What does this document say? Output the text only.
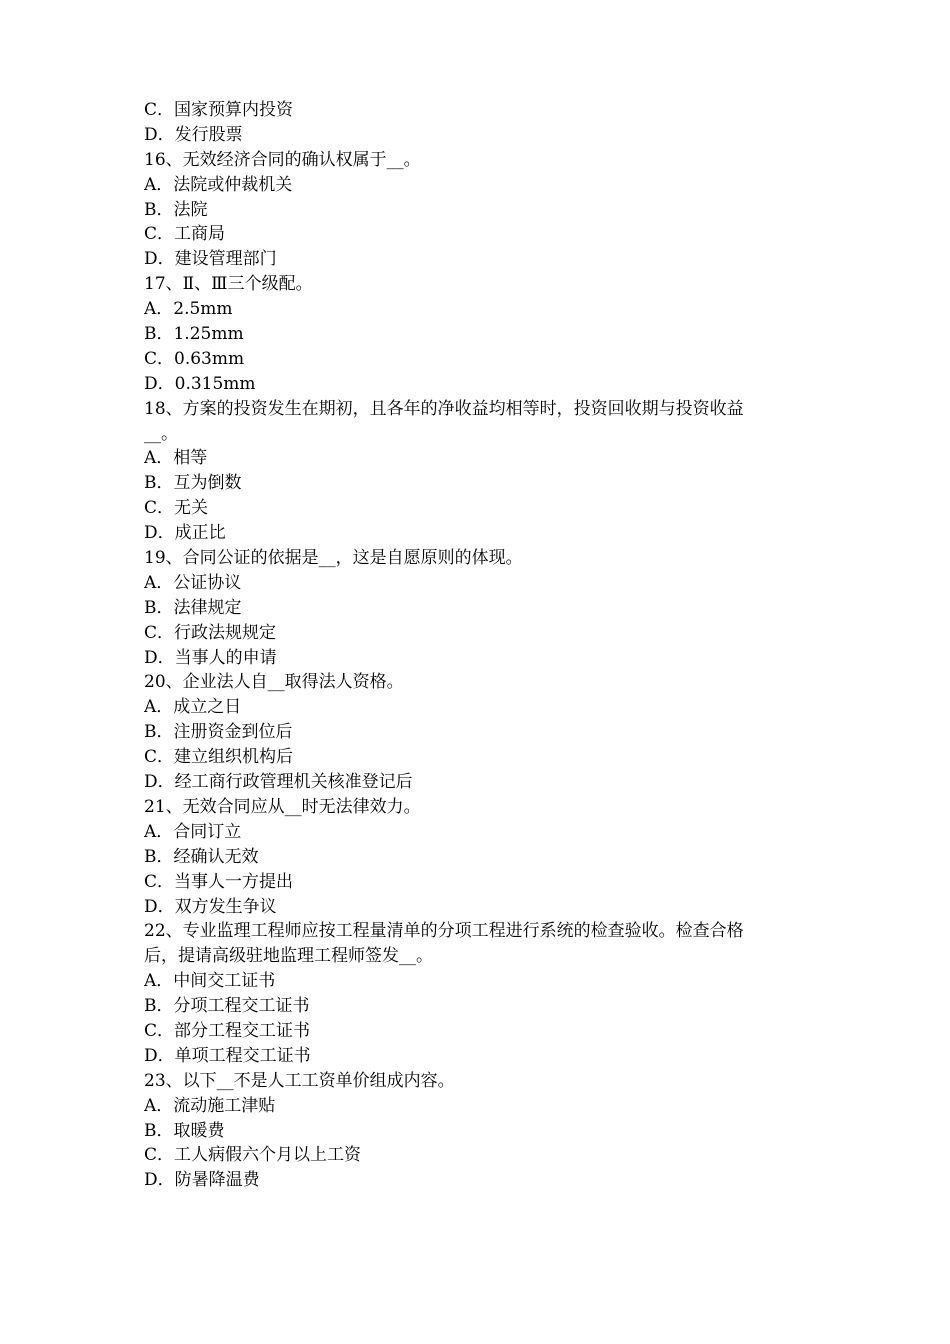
C．国家预算内投资
D．发行股票
16、无效经济合同的确认权属于__。
A．法院或仲裁机关
B．法院
C．工商局
D．建设管理部门
17、Ⅱ、Ⅲ三个级配。
A．2.5mm
B．1.25mm
C．0.63mm
D．0.315mm
18、方案的投资发生在期初，且各年的净收益均相等时，投资回收期与投资收益
__。
A．相等
B．互为倒数
C．无关
D．成正比
19、合同公证的依据是__，这是自愿原则的体现。
A．公证协议
B．法律规定
C．行政法规规定
D．当事人的申请
20、企业法人自__取得法人资格。
A．成立之日
B．注册资金到位后
C．建立组织机构后
D．经工商行政管理机关核准登记后
21、无效合同应从__时无法律效力。
A．合同订立
B．经确认无效
C．当事人一方提出
D．双方发生争议
22、专业监理工程师应按工程量清单的分项工程进行系统的检查验收。检查合格
后，提请高级驻地监理工程师签发__。
A．中间交工证书
B．分项工程交工证书
C．部分工程交工证书
D．单项工程交工证书
23、以下__不是人工工资单价组成内容。
A．流动施工津贴
B．取暖费
C．工人病假六个月以上工资
D．防暑降温费
